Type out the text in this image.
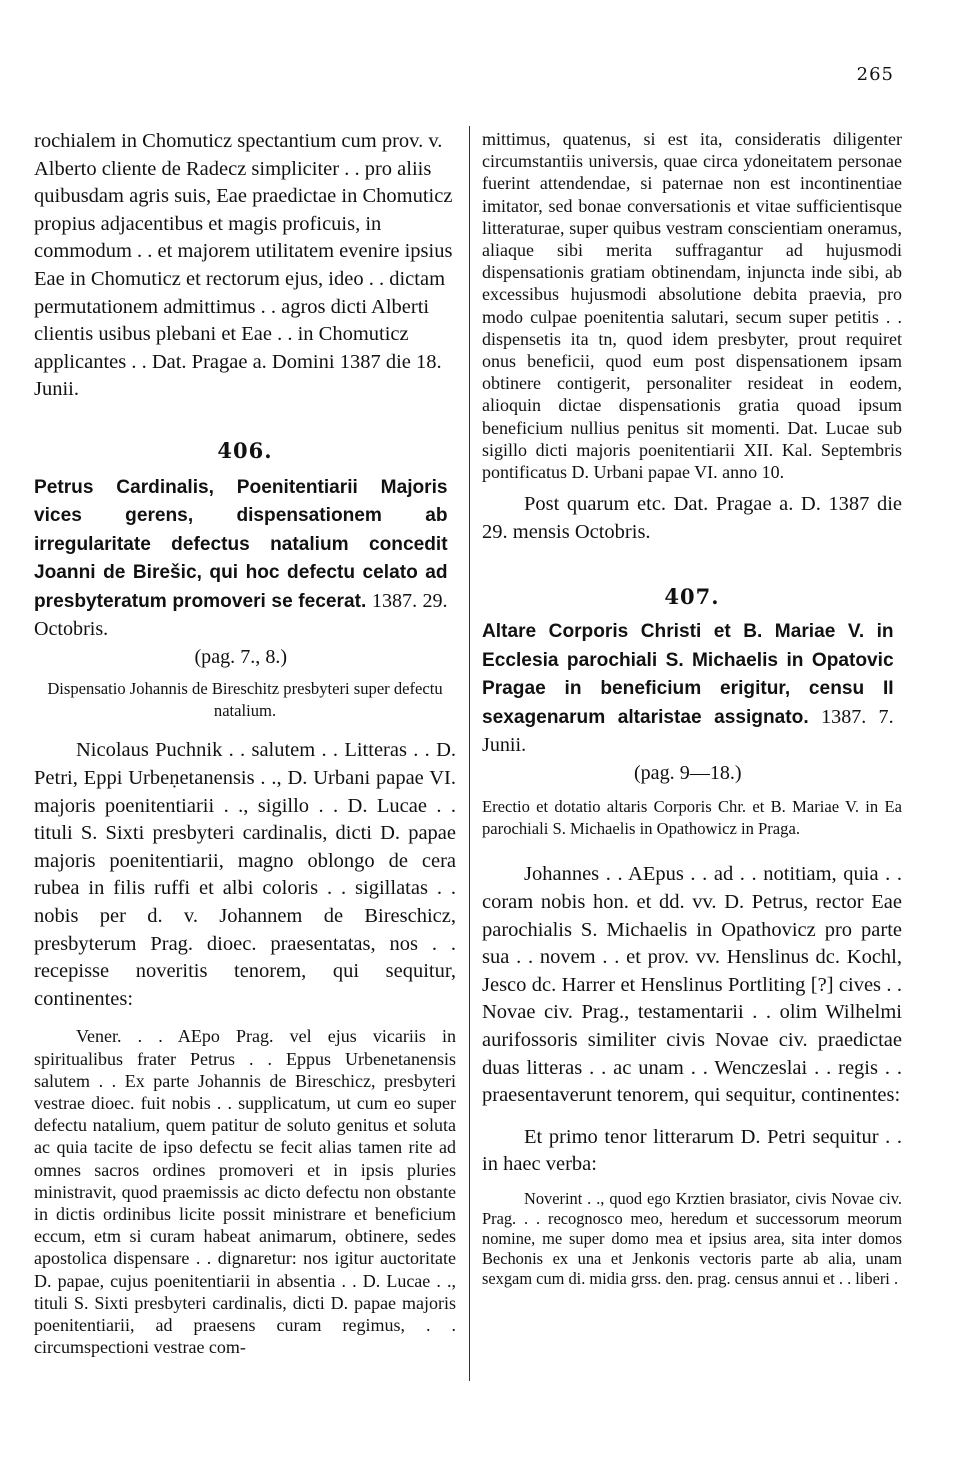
265

rochialem in Chomuticz spectantium cum prov. v. Alberto cliente de Radecz simpliciter . . pro aliis quibusdam agris suis, Eae praedictae in Chomuticz propius adjacentibus et magis proficuis, in commodum . . et majorem utilitatem evenire ipsius Eae in Chomuticz et rectorum ejus, ideo . . dictam permutationem admittimus . . agros dicti Alberti clientis usibus plebani et Eae . . in Chomuticz applicantes . . Dat. Pragae a. Domini 1387 die 18. Junii.

406.
Petrus Cardinalis, Poenitentiarii Majoris vices gerens, dispensationem ab irregularitate defectus natalium concedit Joanni de Birešic, qui hoc defectu celato ad presbyteratum promoveri se fecerat. 1387. 29. Octobris.
(pag. 7., 8.)

Dispensatio Johannis de Bireschitz presbyteri super defectu natalium.

Nicolaus Puchnik . . salutem . . Litteras . . D. Petri, Eppi Urbeṇetanensis . ., D. Urbani papae VI. majoris poenitentiarii . ., sigillo . . D. Lucae . . tituli S. Sixti presbyteri cardinalis, dicti D. papae majoris poenitentiarii, magno oblongo de cera rubea in filis ruffi et albi coloris . . sigillatas . . nobis per d. v. Johannem de Bireschicz, presbyterum Prag. dioec. praesentatas, nos . . recepisse noveritis tenorem, qui sequitur, continentes:

Vener. . . AEpo Prag. vel ejus vicariis in spiritualibus frater Petrus . . Eppus Urbenetanensis salutem . . Ex parte Johannis de Bireschicz, presbyteri vestrae dioec. fuit nobis . . supplicatum, ut cum eo super defectu natalium, quem patitur de soluto genitus et soluta ac quia tacite de ipso defectu se fecit alias tamen rite ad omnes sacros ordines promoveri et in ipsis pluries ministravit, quod praemissis ac dicto defectu non obstante in dictis ordinibus licite possit ministrare et beneficium eccum, etm si curam habeat animarum, obtinere, sedes apostolica dispensare . . dignaretur: nos igitur auctoritate D. papae, cujus poenitentiarii in absentia . . D. Lucae . ., tituli S. Sixti presbyteri cardinalis, dicti D. papae majoris poenitentiarii, ad praesens curam regimus, . . circumspectioni vestrae com-

mittimus, quatenus, si est ita, consideratis diligenter circumstantiis universis, quae circa ydoneitatem personae fuerint attendendae, si paternae non est incontinentiae imitator, sed bonae conversationis et vitae sufficientisque litteraturae, super quibus vestram conscientiam oneramus, aliaque sibi merita suffragantur ad hujusmodi dispensationis gratiam obtinendam, injuncta inde sibi, ab excessibus hujusmodi absolutione debita praevia, pro modo culpae poenitentia salutari, secum super petitis . . dispensetis ita tn, quod idem presbyter, prout requiret onus beneficii, quod eum post dispensationem ipsam obtinere contigerit, personaliter resideat in eodem, alioquin dictae dispensationis gratia quoad ipsum beneficium nullius penitus sit momenti. Dat. Lucae sub sigillo dicti majoris poenitentiarii XII. Kal. Septembris pontificatus D. Urbani papae VI. anno 10.

Post quarum etc. Dat. Pragae a. D. 1387 die 29. mensis Octobris.

407.
Altare Corporis Christi et B. Mariae V. in Ecclesia parochiali S. Michaelis in Opatovic Pragae in beneficium erigitur, censu II sexagenarum altaristae assignato. 1387. 7. Junii.
(pag. 9—18.)

Erectio et dotatio altaris Corporis Chr. et B. Mariae V. in Ea parochiali S. Michaelis in Opathowicz in Praga.

Johannes . . AEpus . . ad . . notitiam, quia . . coram nobis hon. et dd. vv. D. Petrus, rector Eae parochialis S. Michaelis in Opathovicz pro parte sua . . novem . . et prov. vv. Henslinus dc. Kochl, Jesco dc. Harrer et Henslinus Portliting [?] cives . . Novae civ. Prag., testamentarii . . olim Wilhelmi aurifossoris similiter civis Novae civ. praedictae duas litteras . . ac unam . . Wenczeslai . . regis . . praesentaverunt tenorem, qui sequitur, continentes:

Et primo tenor litterarum D. Petri sequitur . . in haec verba:

Noverint . ., quod ego Krztien brasiator, civis Novae civ. Prag. . . recognosco meo, heredum et successorum meorum nomine, me super domo mea et ipsius area, sita inter domos Bechonis ex una et Jenkonis vectoris parte ab alia, unam sexgam cum di. midia grss. den. prag. census annui et . . liberi .
